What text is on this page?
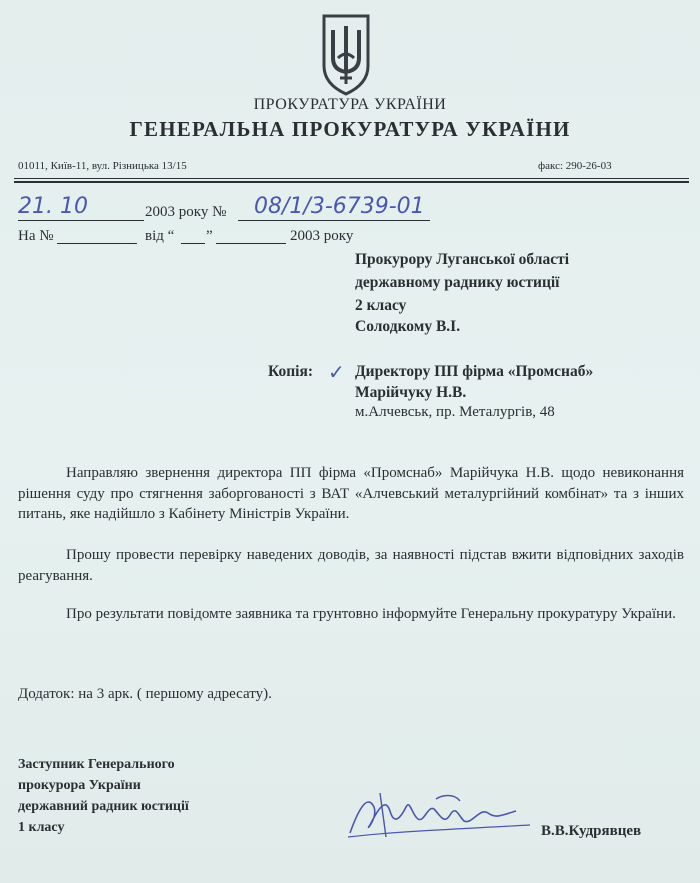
ПРОКУРАТУРА УКРАЇНИ
ГЕНЕРАЛЬНА ПРОКУРАТУРА УКРАЇНИ
01011, Київ-11, вул. Різницька 13/15	факс: 290-26-03
21. 10	2003 року № 08/1/3-6739-01
На №	від “ ”	2003 року
Прокурору Луганської області
державному раднику юстиції
2 класу
Солодкому В.І.
Копія: ✓ Директору ПП фірма «Промснаб»
Марійчуку Н.В.
м.Алчевськ, пр. Металургів, 48
Направляю звернення директора ПП фірма «Промснаб» Марійчука Н.В. щодо невиконання рішення суду про стягнення заборгованості з ВАТ «Алчевський металургійний комбінат» та з інших питань, яке надійшло з Кабінету Міністрів України.
Прошу провести перевірку наведених доводів, за наявності підстав вжити відповідних заходів реагування.
Про результати повідомте заявника та грунтовно інформуйте Генеральну прокуратуру України.
Додаток: на 3 арк. ( першому адресату).
Заступник Генерального
прокурора України
державний радник юстиції
1 класу	В.В.Кудрявцев
